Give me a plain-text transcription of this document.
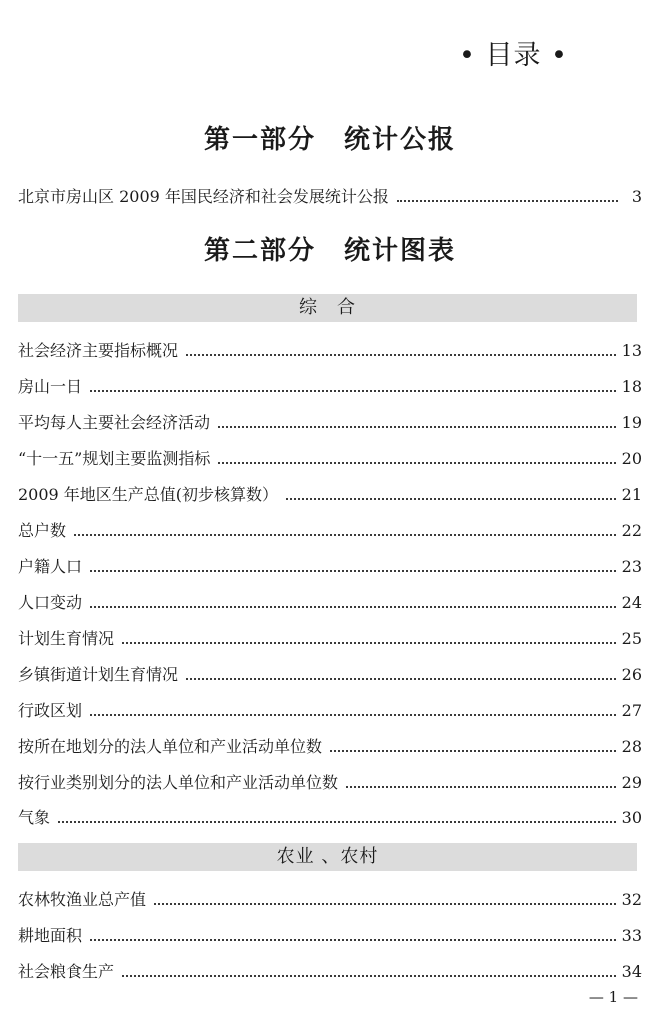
• 目录 •
第一部分　统计公报
北京市房山区 2009 年国民经济和社会发展统计公报	3
第二部分　统计图表
综　合
社会经济主要指标概况	13
房山一日	18
平均每人主要社会经济活动	19
“十一五”规划主要监测指标	20
2009 年地区生产总值(初步核算数）	21
总户数	22
户籍人口	23
人口变动	24
计划生育情况	25
乡镇街道计划生育情况	26
行政区划	27
按所在地划分的法人单位和产业活动单位数	28
按行业类别划分的法人单位和产业活动单位数	29
气象	30
农业 、农村
农林牧渔业总产值	32
耕地面积	33
社会粮食生产	34
— 1 —
